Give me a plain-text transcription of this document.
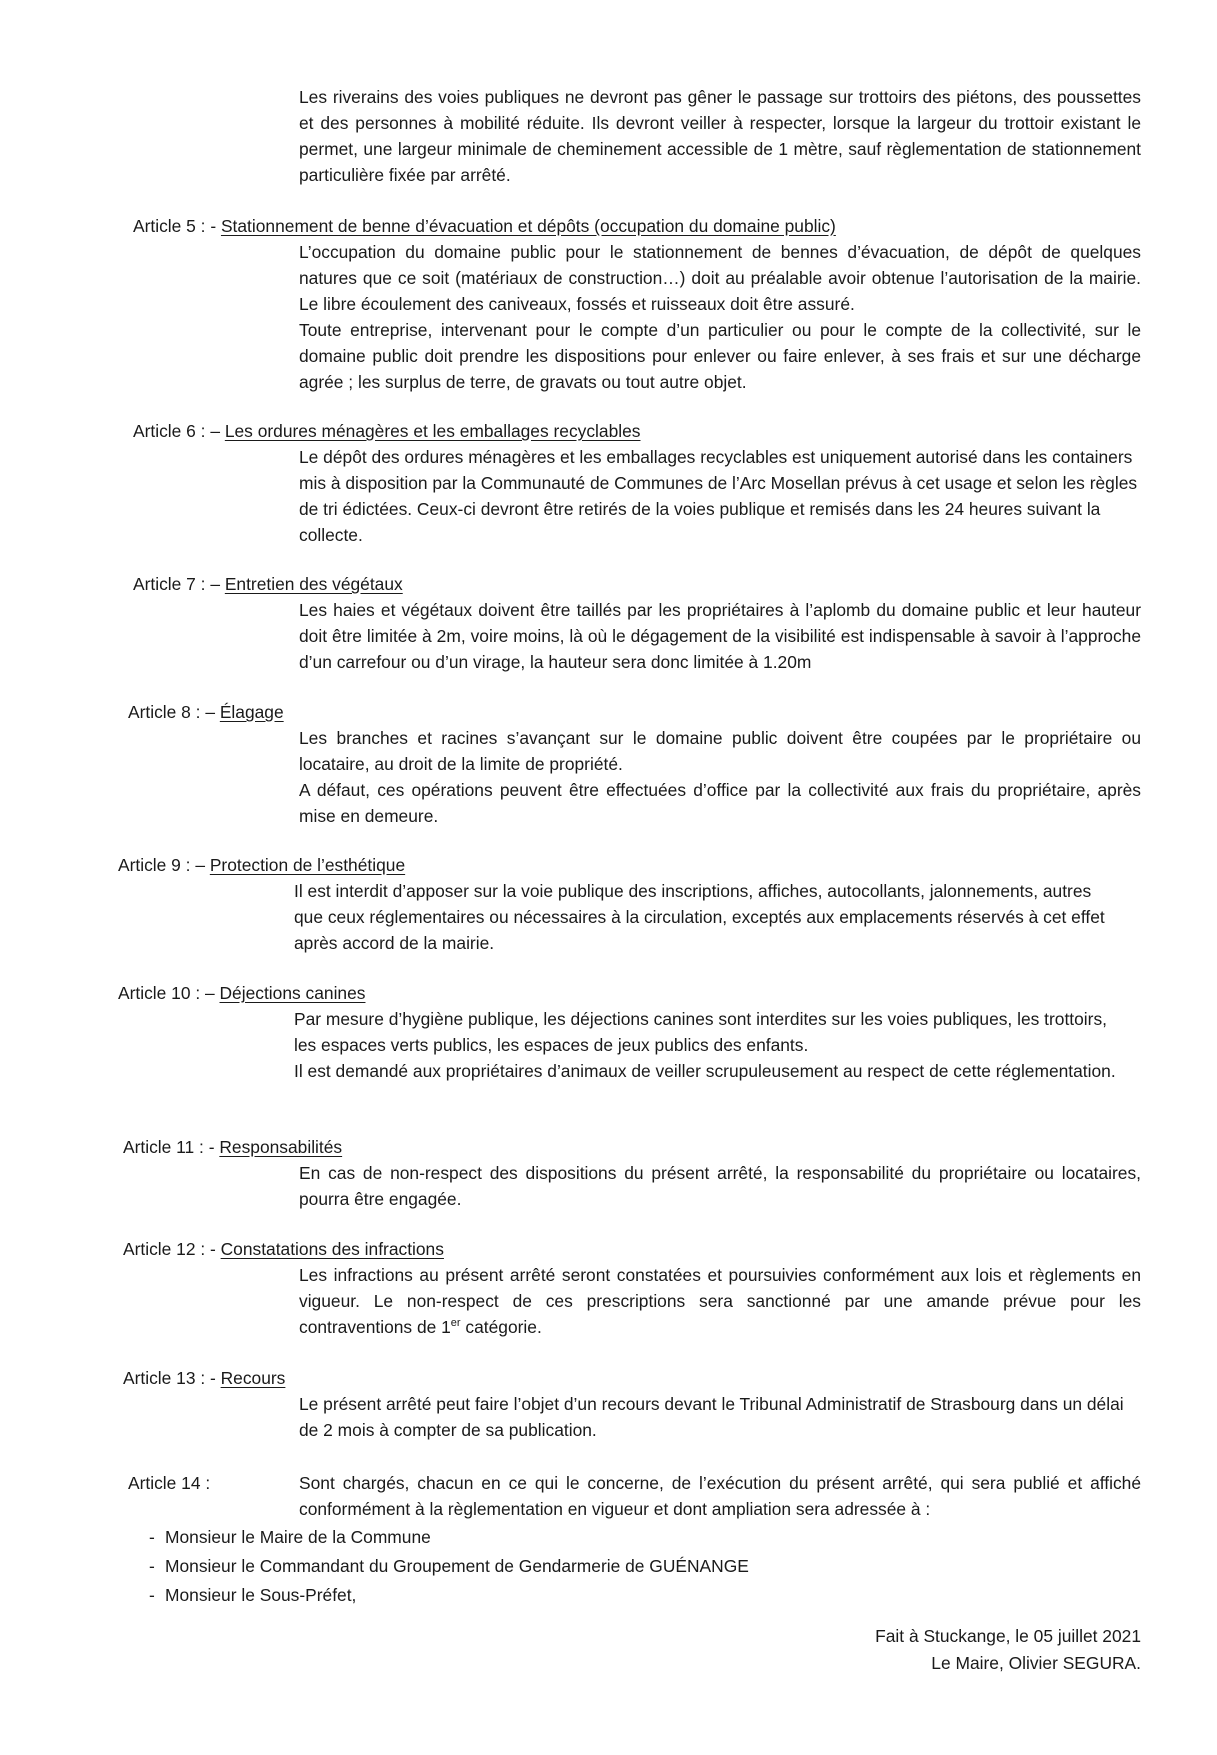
Les riverains des voies publiques ne devront pas gêner le passage sur trottoirs des piétons, des poussettes et des personnes à mobilité réduite. Ils devront veiller à respecter, lorsque la largeur du trottoir existant le permet, une largeur minimale de cheminement accessible de 1 mètre, sauf règlementation de stationnement particulière fixée par arrêté.

Article 5 : - Stationnement de benne d’évacuation et dépôts (occupation du domaine public)

L’occupation du domaine public pour le stationnement de bennes d’évacuation, de dépôt de quelques natures que ce soit (matériaux de construction…) doit au préalable avoir obtenue l’autorisation de la mairie. Le libre écoulement des caniveaux, fossés et ruisseaux doit être assuré.

Toute entreprise, intervenant pour le compte d’un particulier ou pour le compte de la collectivité, sur le domaine public doit prendre les dispositions pour enlever ou faire enlever, à ses frais et sur une décharge agrée ; les surplus de terre, de gravats ou tout autre objet.

Article 6 : – Les ordures ménagères et les emballages recyclables

Le dépôt des ordures ménagères et les emballages recyclables est uniquement autorisé dans les containers mis à disposition par la Communauté de Communes de l’Arc Mosellan prévus à cet usage et selon les règles de tri édictées. Ceux-ci devront être retirés de la voies publique et remisés dans les 24 heures suivant la collecte.

Article 7 : – Entretien des végétaux

Les haies et végétaux doivent être taillés par les propriétaires à l’aplomb du domaine public et leur hauteur doit être limitée à 2m, voire moins, là où le dégagement de la visibilité est indispensable à savoir à l’approche d’un carrefour ou d’un virage, la hauteur sera donc limitée à 1.20m

Article 8 : – Élagage

Les branches et racines s’avançant sur le domaine public doivent être coupées par le propriétaire ou locataire, au droit de la limite de propriété.

A défaut, ces opérations peuvent être effectuées d’office par la collectivité aux frais du propriétaire, après mise en demeure.

Article 9 : – Protection de l’esthétique

Il est interdit d’apposer sur la voie publique des inscriptions, affiches, autocollants, jalonnements, autres que ceux réglementaires ou nécessaires à la circulation, exceptés aux emplacements réservés à cet effet après accord de la mairie.

Article 10 : – Déjections canines

Par mesure d’hygiène publique, les déjections canines sont interdites sur les voies publiques, les trottoirs, les espaces verts publics, les espaces de jeux publics des enfants.

Il est demandé aux propriétaires d’animaux de veiller scrupuleusement au respect de cette réglementation.

Article 11 : - Responsabilités

En cas de non-respect des dispositions du présent arrêté, la responsabilité du propriétaire ou locataires, pourra être engagée.

Article 12 : - Constatations des infractions

Les infractions au présent arrêté seront constatées et poursuivies conformément aux lois et règlements en vigueur. Le non-respect de ces prescriptions sera sanctionné par une amande prévue pour les contraventions de 1er catégorie.

Article 13 : - Recours

Le présent arrêté peut faire l’objet d’un recours devant le Tribunal Administratif de Strasbourg dans un délai de 2 mois à compter de sa publication.

Article 14 :	Sont chargés, chacun en ce qui le concerne, de l’exécution du présent arrêté, qui sera publié et affiché conformément à la règlementation en vigueur et dont ampliation sera adressée à :

- Monsieur le Maire de la Commune
- Monsieur le Commandant du Groupement de Gendarmerie de GUÉNANGE
- Monsieur le Sous-Préfet,
Fait à Stuckange, le 05 juillet 2021
Le Maire, Olivier SEGURA.
